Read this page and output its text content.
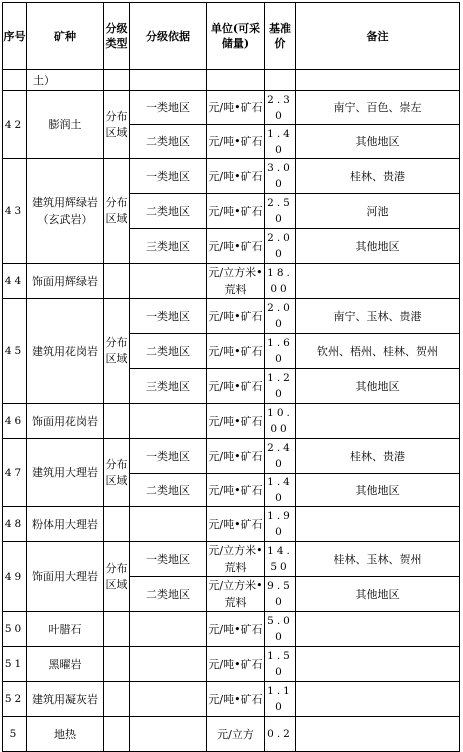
序号	矿种	分级类型	分级依据	单位(可采储量)	基准价	备注
	土）					
42	膨润土	分布区域	一类地区	元/吨•矿石	2.30	南宁、百色、崇左
			二类地区	元/吨•矿石	1.40	其他地区
43	建筑用辉绿岩（玄武岩）	分布区域	一类地区	元/吨•矿石	3.00	桂林、贵港
			二类地区	元/吨•矿石	2.50	河池
			三类地区	元/吨•矿石	2.00	其他地区
44	饰面用辉绿岩			元/立方米•荒料	18.00	
45	建筑用花岗岩	分布区域	一类地区	元/吨•矿石	2.00	南宁、玉林、贵港
			二类地区	元/吨•矿石	1.60	钦州、梧州、桂林、贺州
			三类地区	元/吨•矿石	1.20	其他地区
46	饰面用花岗岩			元/吨•矿石	10.00	
47	建筑用大理岩	分布区域	一类地区	元/吨•矿石	2.40	桂林、贵港
			二类地区	元/吨•矿石	1.40	其他地区
48	粉体用大理岩			元/吨•矿石	1.90	
49	饰面用大理岩	分布区域	一类地区	元/立方米•荒料	14.50	桂林、玉林、贺州
			二类地区	元/立方米•荒料	9.50	其他地区
50	叶腊石			元/吨•矿石	5.00	
51	黑曜岩			元/吨•矿石	1.50	
52	建筑用凝灰岩			元/吨•矿石	1.10	
5	地热			元/立方	0.2	
